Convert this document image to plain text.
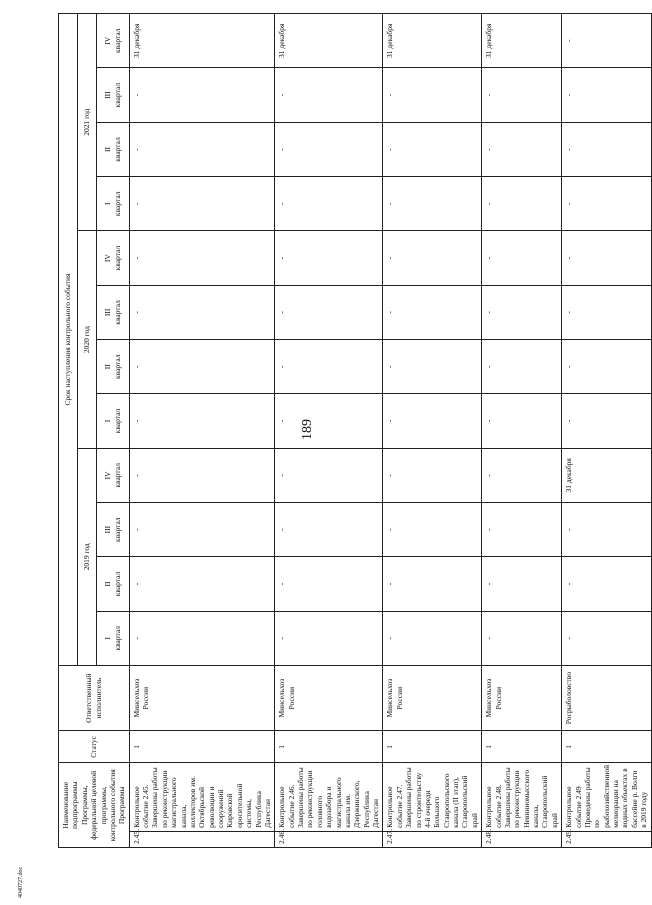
189
4040727.doc
Наименование подпрограммы Программы, федеральной целевой программы, контрольного события Программы		Статус	Ответственный исполнитель	Срок наступления контрольного события											
				2019 год				2020 год				2021 год			

				I квартал	II квартал	III квартал	IV квартал	I квартал	II квартал	III квартал	IV квартал	I квартал	II квартал	III квартал	IV квартал

2.45.	Контрольное событие 2.45. Завершены работы по реконструкции магистрального канала, коллекторов им. Октябрьской революции и сооружений Кировской оросительной системы, Республика Дагестан	1	Минсельхоз России	-	-	-	-	-	-	-	-	-	-	-	31 декабря
2.46.	Контрольное событие 2.46. Завершены работы по реконструкции головного водозабора и магистрального канала им. Дзержинского, Республика Дагестан	1	Минсельхоз России	-	-	-	-	-	-	-	-	-	-	-	31 декабря
2.47.	Контрольное событие 2.47. Завершены работы по строительству 4-й очереди Большого Ставропольского канала (II этап), Ставропольский край	1	Минсельхоз России	-	-	-	-	-	-	-	-	-	-	-	31 декабря
2.48.	Контрольное событие 2.48. Завершены работы по реконструкции Невинномысского канала, Ставропольский край	1	Минсельхоз России	-	-	-	-	-	-	-	-	-	-	-	31 декабря
2.49.	Контрольное событие 2.49 Проведены работы по рыбохозяйственной мелиорации на водных объектах в бассейне р. Волги в 2019 году	1	Росрыболовство	-	-	-	31 декабря	-	-	-	-	-	-	-	-
